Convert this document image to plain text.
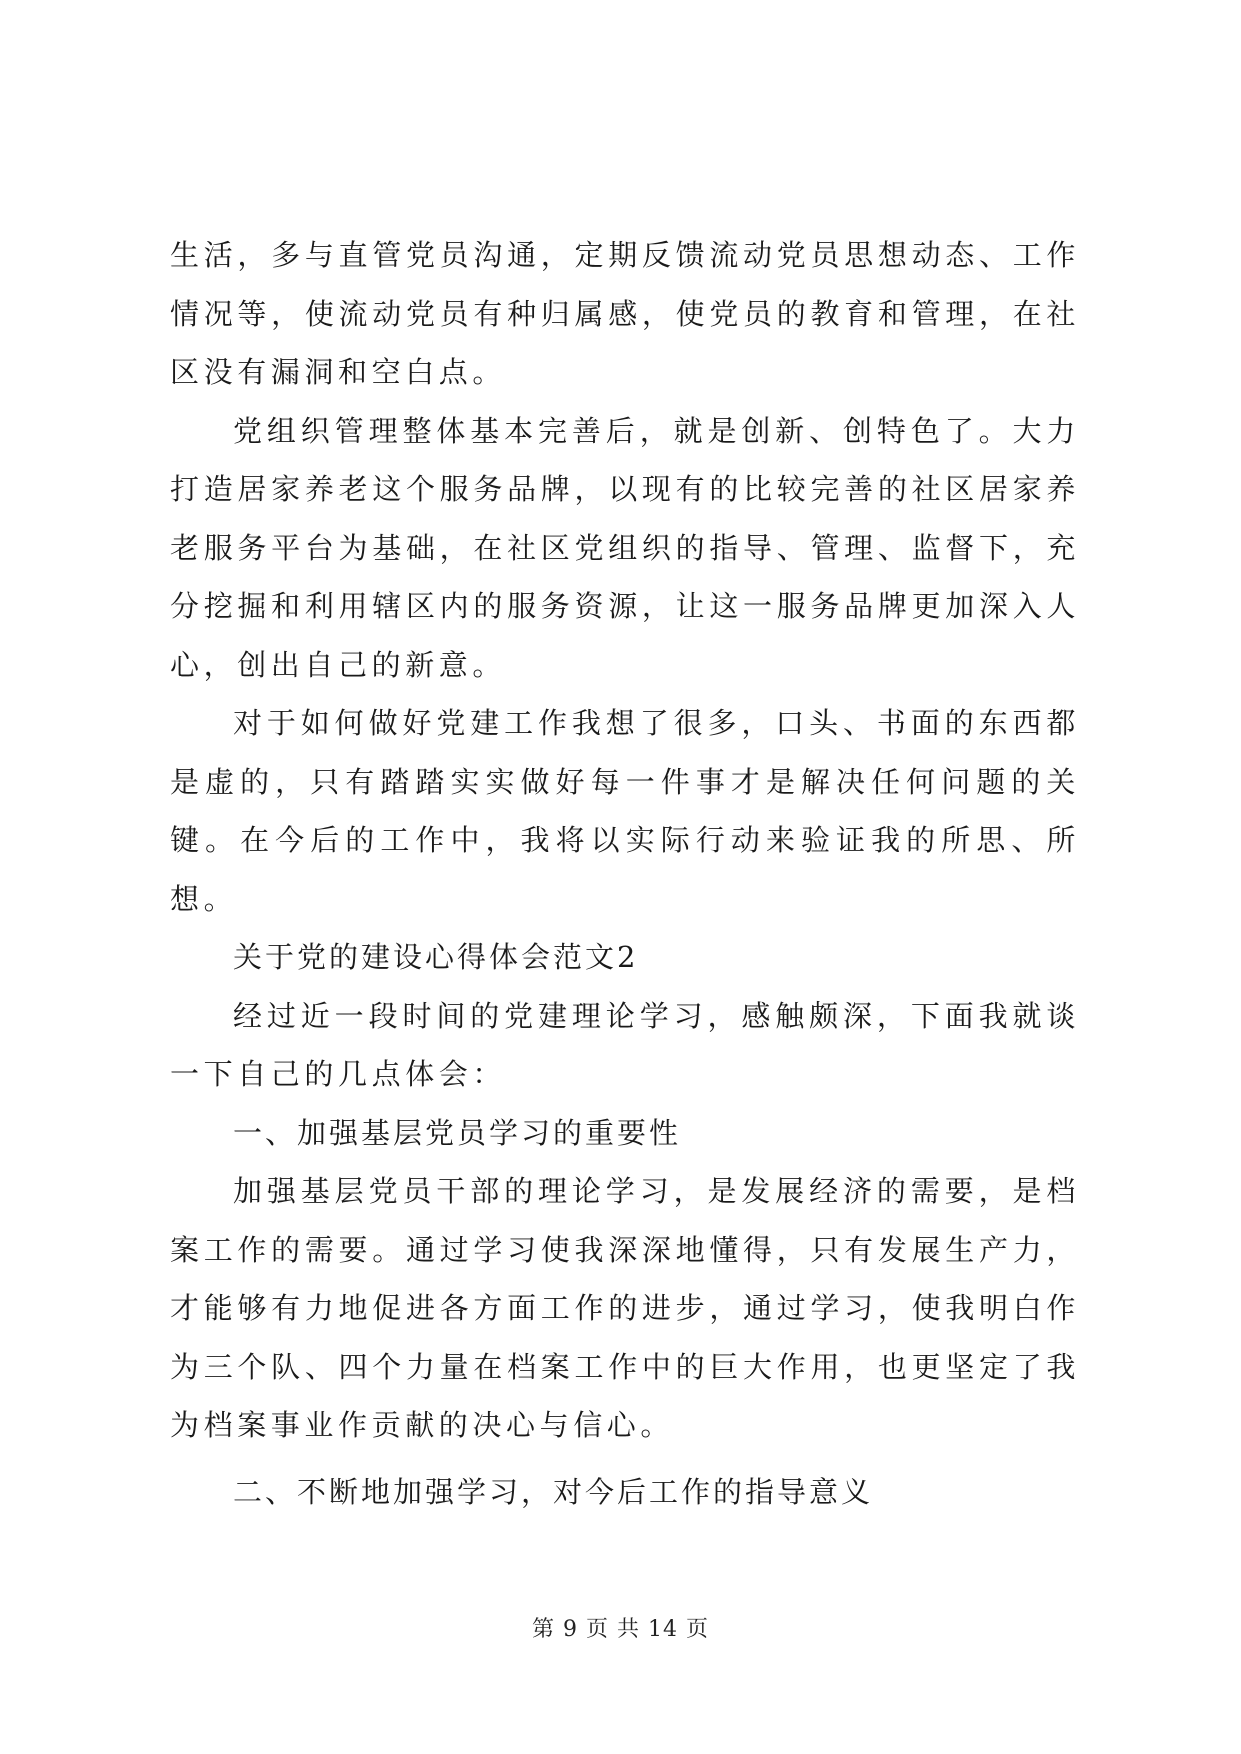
生活，多与直管党员沟通，定期反馈流动党员思想动态、工作情况等，使流动党员有种归属感，使党员的教育和管理，在社区没有漏洞和空白点。

党组织管理整体基本完善后，就是创新、创特色了。大力打造居家养老这个服务品牌，以现有的比较完善的社区居家养老服务平台为基础，在社区党组织的指导、管理、监督下，充分挖掘和利用辖区内的服务资源，让这一服务品牌更加深入人心，创出自己的新意。

对于如何做好党建工作我想了很多，口头、书面的东西都是虚的，只有踏踏实实做好每一件事才是解决任何问题的关键。在今后的工作中，我将以实际行动来验证我的所思、所想。

关于党的建设心得体会范文2

经过近一段时间的党建理论学习，感触颇深，下面我就谈一下自己的几点体会：

一、加强基层党员学习的重要性

加强基层党员干部的理论学习，是发展经济的需要，是档案工作的需要。通过学习使我深深地懂得，只有发展生产力，才能够有力地促进各方面工作的进步，通过学习，使我明白作为三个队、四个力量在档案工作中的巨大作用，也更坚定了我为档案事业作贡献的决心与信心。

二、不断地加强学习，对今后工作的指导意义

第 9 页 共 14 页
